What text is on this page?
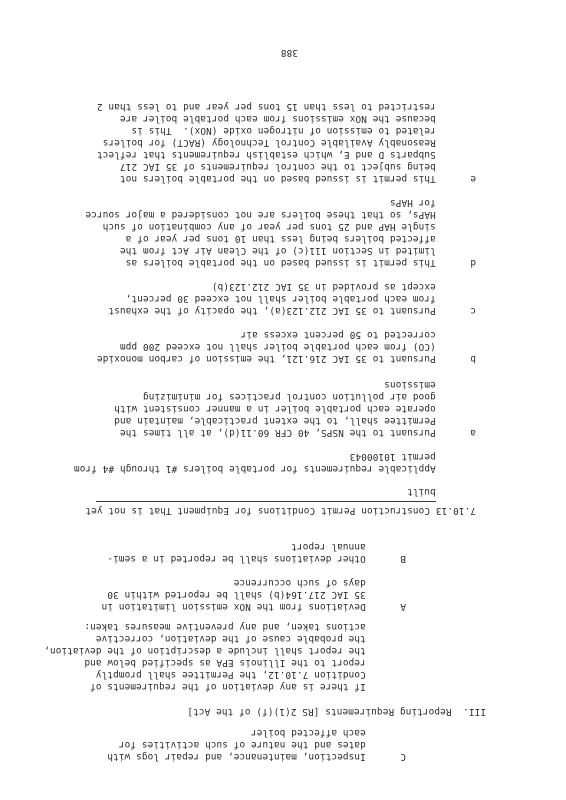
C      Inspection, maintenance, and repair logs with
dates and the nature of such activities for
each affected boiler
III.  Reporting Requirements [RS 2(1)(f) of the Act]
If there is any deviation of the requirements of
Condition 7.10.12, the Permittee shall promptly
report to the Illinois EPA as specified below and
the report shall include a description of the deviation,
the probable cause of the deviation, corrective
actions taken, and any preventive measures taken:
A      Deviations from the NOx emission limitation in
35 IAC 217.164(b) shall be reported within 30
days of such occurrence
B      Other deviations shall be reported in a semi-
annual report
7.10.13 Construction Permit Conditions for Equipment That is not yet
built
Applicable requirements for portable boilers #1 through #4 from
permit 10100043
a      Pursuant to the NSPS, 40 CFR 60.11(d), at all times the
Permittee shall, to the extent practicable, maintain and
operate each portable boiler in a manner consistent with
good air pollution control practices for minimizing
emissions
b      Pursuant to 35 IAC 216.121, the emission of carbon monoxide
(CO) from each portable boiler shall not exceed 200 ppm
corrected to 50 percent excess air
c      Pursuant to 35 IAC 212.123(a), the opacity of the exhaust
from each portable boiler shall not exceed 30 percent,
except as provided in 35 IAC 212.123(b)
d      This permit is issued based on the portable boilers as
limited in Section 111(c) of the Clean Air Act from the
affected boilers being less than 10 tons per year of a
single HAP and 25 tons per year of any combination of such
HAPs, so that these boilers are not considered a major source
for HAPs
e      This permit is issued based on the portable boilers not
being subject to the control requirements of 35 IAC 217
Subparts D and E, which establish requirements that reflect
Reasonably Available Control Technology (RACT) for boilers
related to emission of nitrogen oxide (NOx).  This is
because the NOx emissions from each portable boiler are
restricted to less than 15 tons per year and to less than 2
388
